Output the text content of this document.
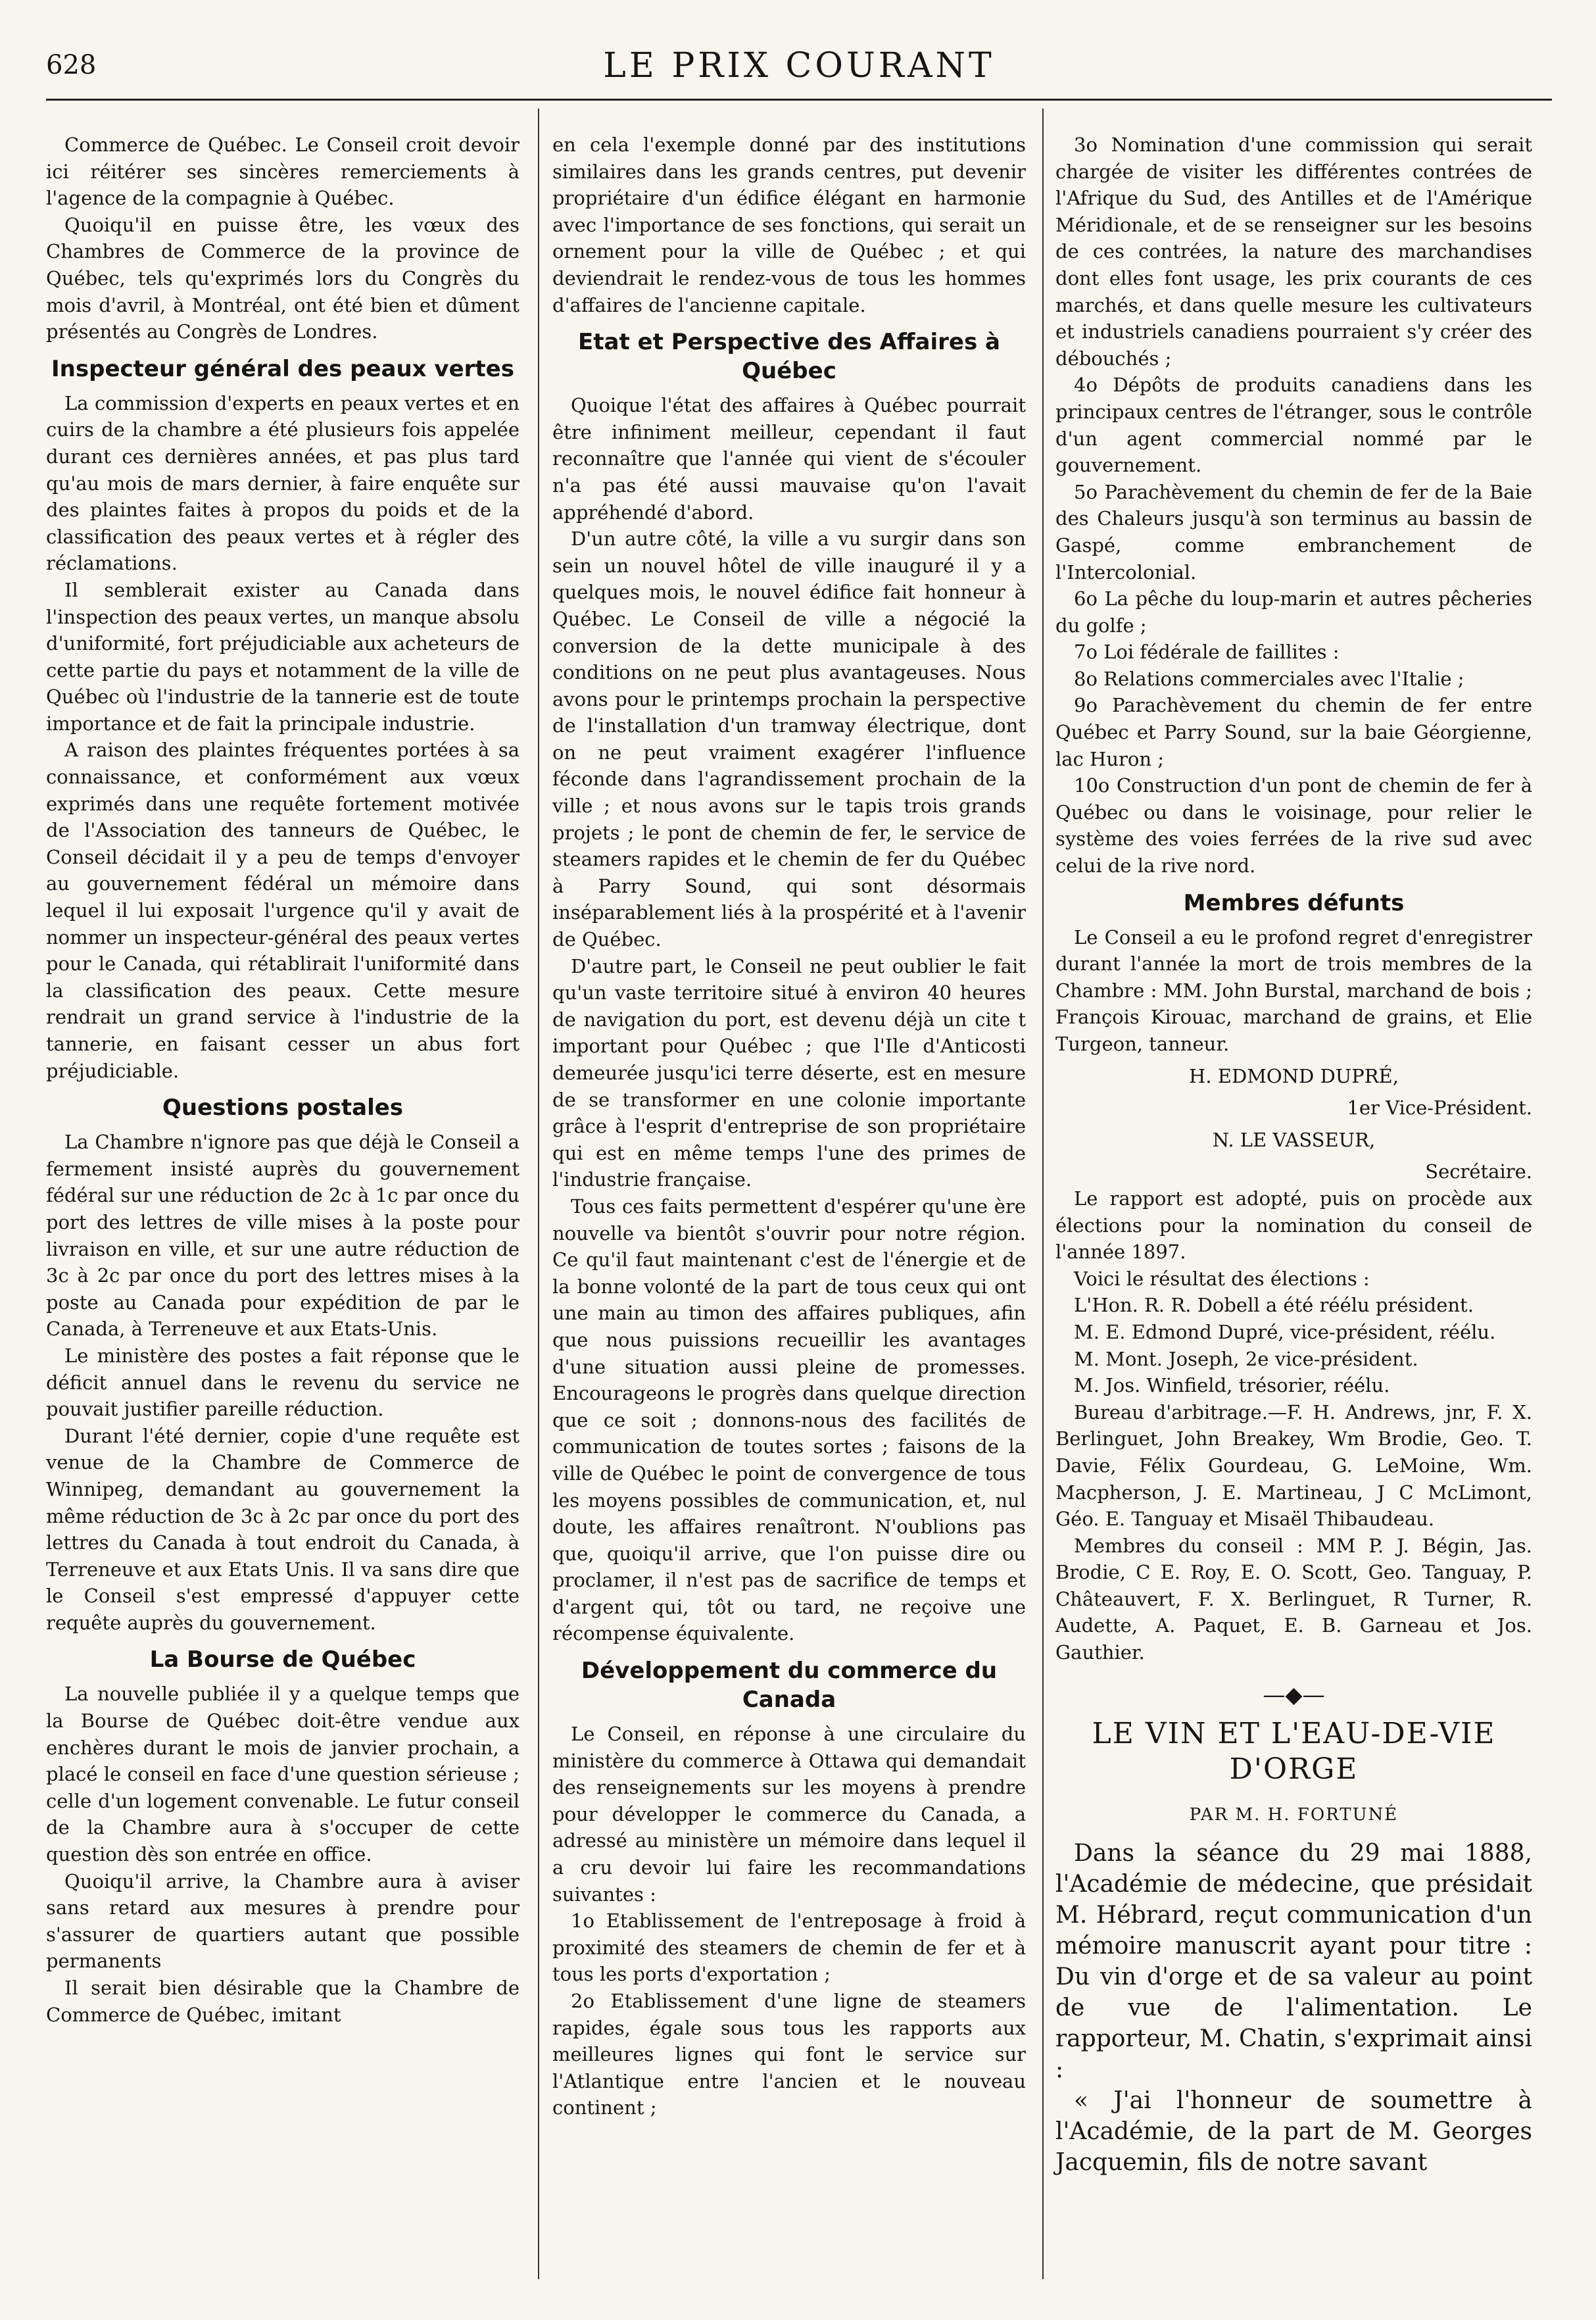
628	LE PRIX COURANT

Commerce de Québec. Le Conseil croit devoir ici réitérer ses sincères remerciements à l'agence de la compagnie à Québec.

Quoiqu'il en puisse être, les vœux des Chambres de Commerce de la province de Québec, tels qu'exprimés lors du Congrès du mois d'avril, à Montréal, ont été bien et dûment présentés au Congrès de Londres.

Inspecteur général des peaux vertes

La commission d'experts en peaux vertes et en cuirs de la chambre a été plusieurs fois appelée durant ces dernières années, et pas plus tard qu'au mois de mars dernier, à faire enquête sur des plaintes faites à propos du poids et de la classification des peaux vertes et à régler des réclamations.

Il semblerait exister au Canada dans l'inspection des peaux vertes, un manque absolu d'uniformité, fort préjudiciable aux acheteurs de cette partie du pays et notamment de la ville de Québec où l'industrie de la tannerie est de toute importance et de fait la principale industrie.

A raison des plaintes fréquentes portées à sa connaissance, et conformément aux vœux exprimés dans une requête fortement motivée de l'Association des tanneurs de Québec, le Conseil décidait il y a peu de temps d'envoyer au gouvernement fédéral un mémoire dans lequel il lui exposait l'urgence qu'il y avait de nommer un inspecteur-général des peaux vertes pour le Canada, qui rétablirait l'uniformité dans la classification des peaux. Cette mesure rendrait un grand service à l'industrie de la tannerie, en faisant cesser un abus fort préjudiciable.

Questions postales

La Chambre n'ignore pas que déjà le Conseil a fermement insisté auprès du gouvernement fédéral sur une réduction de 2c à 1c par once du port des lettres de ville mises à la poste pour livraison en ville, et sur une autre réduction de 3c à 2c par once du port des lettres mises à la poste au Canada pour expédition de par le Canada, à Terreneuve et aux Etats-Unis.

Le ministère des postes a fait réponse que le déficit annuel dans le revenu du service ne pouvait justifier pareille réduction.

Durant l'été dernier, copie d'une requête est venue de la Chambre de Commerce de Winnipeg, demandant au gouvernement la même réduction de 3c à 2c par once du port des lettres du Canada à tout endroit du Canada, à Terreneuve et aux Etats Unis. Il va sans dire que le Conseil s'est empressé d'appuyer cette requête auprès du gouvernement.

La Bourse de Québec

La nouvelle publiée il y a quelque temps que la Bourse de Québec doit-être vendue aux enchères durant le mois de janvier prochain, a placé le conseil en face d'une question sérieuse ; celle d'un logement convenable. Le futur conseil de la Chambre aura à s'occuper de cette question dès son entrée en office.

Quoiqu'il arrive, la Chambre aura à aviser sans retard aux mesures à prendre pour s'assurer de quartiers autant que possible permanents

Il serait bien désirable que la Chambre de Commerce de Québec, imitant

en cela l'exemple donné par des institutions similaires dans les grands centres, put devenir propriétaire d'un édifice élégant en harmonie avec l'importance de ses fonctions, qui serait un ornement pour la ville de Québec ; et qui deviendrait le rendez-vous de tous les hommes d'affaires de l'ancienne capitale.

Etat et Perspective des Affaires à Québec

Quoique l'état des affaires à Québec pourrait être infiniment meilleur, cependant il faut reconnaître que l'année qui vient de s'écouler n'a pas été aussi mauvaise qu'on l'avait appréhendé d'abord.

D'un autre côté, la ville a vu surgir dans son sein un nouvel hôtel de ville inauguré il y a quelques mois, le nouvel édifice fait honneur à Québec. Le Conseil de ville a négocié la conversion de la dette municipale à des conditions on ne peut plus avantageuses. Nous avons pour le printemps prochain la perspective de l'installation d'un tramway électrique, dont on ne peut vraiment exagérer l'influence féconde dans l'agrandissement prochain de la ville ; et nous avons sur le tapis trois grands projets ; le pont de chemin de fer, le service de steamers rapides et le chemin de fer du Québec à Parry Sound, qui sont désormais inséparablement liés à la prospérité et à l'avenir de Québec.

D'autre part, le Conseil ne peut oublier le fait qu'un vaste territoire situé à environ 40 heures de navigation du port, est devenu déjà un cite t important pour Québec ; que l'Ile d'Anticosti demeurée jusqu'ici terre déserte, est en mesure de se transformer en une colonie importante grâce à l'esprit d'entreprise de son propriétaire qui est en même temps l'une des primes de l'industrie française.

Tous ces faits permettent d'espérer qu'une ère nouvelle va bientôt s'ouvrir pour notre région. Ce qu'il faut maintenant c'est de l'énergie et de la bonne volonté de la part de tous ceux qui ont une main au timon des affaires publiques, afin que nous puissions recueillir les avantages d'une situation aussi pleine de promesses. Encourageons le progrès dans quelque direction que ce soit ; donnons-nous des facilités de communication de toutes sortes ; faisons de la ville de Québec le point de convergence de tous les moyens possibles de communication, et, nul doute, les affaires renaîtront. N'oublions pas que, quoiqu'il arrive, que l'on puisse dire ou proclamer, il n'est pas de sacrifice de temps et d'argent qui, tôt ou tard, ne reçoive une récompense équivalente.

Développement du commerce du Canada

Le Conseil, en réponse à une circulaire du ministère du commerce à Ottawa qui demandait des renseignements sur les moyens à prendre pour développer le commerce du Canada, a adressé au ministère un mémoire dans lequel il a cru devoir lui faire les recommandations suivantes :

1o Etablissement de l'entreposage à froid à proximité des steamers de chemin de fer et à tous les ports d'exportation ;

2o Etablissement d'une ligne de steamers rapides, égale sous tous les rapports aux meilleures lignes qui font le service sur l'Atlantique entre l'ancien et le nouveau continent ;

3o Nomination d'une commission qui serait chargée de visiter les différentes contrées de l'Afrique du Sud, des Antilles et de l'Amérique Méridionale, et de se renseigner sur les besoins de ces contrées, la nature des marchandises dont elles font usage, les prix courants de ces marchés, et dans quelle mesure les cultivateurs et industriels canadiens pourraient s'y créer des débouchés ;

4o Dépôts de produits canadiens dans les principaux centres de l'étranger, sous le contrôle d'un agent commercial nommé par le gouvernement.

5o Parachèvement du chemin de fer de la Baie des Chaleurs jusqu'à son terminus au bassin de Gaspé, comme embranchement de l'Intercolonial.

6o La pêche du loup-marin et autres pêcheries du golfe ;

7o Loi fédérale de faillites :

8o Relations commerciales avec l'Italie ;

9o Parachèvement du chemin de fer entre Québec et Parry Sound, sur la baie Géorgienne, lac Huron ;

10o Construction d'un pont de chemin de fer à Québec ou dans le voisinage, pour relier le système des voies ferrées de la rive sud avec celui de la rive nord.

Membres défunts

Le Conseil a eu le profond regret d'enregistrer durant l'année la mort de trois membres de la Chambre : MM. John Burstal, marchand de bois ; François Kirouac, marchand de grains, et Elie Turgeon, tanneur.

H. EDMOND DUPRÉ,

1er Vice-Président.

N. LE VASSEUR,

Secrétaire.

Le rapport est adopté, puis on procède aux élections pour la nomination du conseil de l'année 1897.

Voici le résultat des élections :

L'Hon. R. R. Dobell a été réélu président.

M. E. Edmond Dupré, vice-président, réélu.

M. Mont. Joseph, 2e vice-président.

M. Jos. Winfield, trésorier, réélu.

Bureau d'arbitrage.—F. H. Andrews, jnr, F. X. Berlinguet, John Breakey, Wm Brodie, Geo. T. Davie, Félix Gourdeau, G. LeMoine, Wm. Macpherson, J. E. Martineau, J C McLimont, Géo. E. Tanguay et Misaël Thibaudeau.

Membres du conseil : MM P. J. Bégin, Jas. Brodie, C E. Roy, E. O. Scott, Geo. Tanguay, P. Châteauvert, F. X. Berlinguet, R Turner, R. Audette, A. Paquet, E. B. Garneau et Jos. Gauthier.

—◆—
LE VIN ET L'EAU-DE-VIE D'ORGE
PAR M. H. FORTUNÉ

Dans la séance du 29 mai 1888, l'Académie de médecine, que présidait M. Hébrard, reçut communication d'un mémoire manuscrit ayant pour titre : Du vin d'orge et de sa valeur au point de vue de l'alimentation. Le rapporteur, M. Chatin, s'exprimait ainsi :

« J'ai l'honneur de soumettre à l'Académie, de la part de M. Georges Jacquemin, fils de notre savant
